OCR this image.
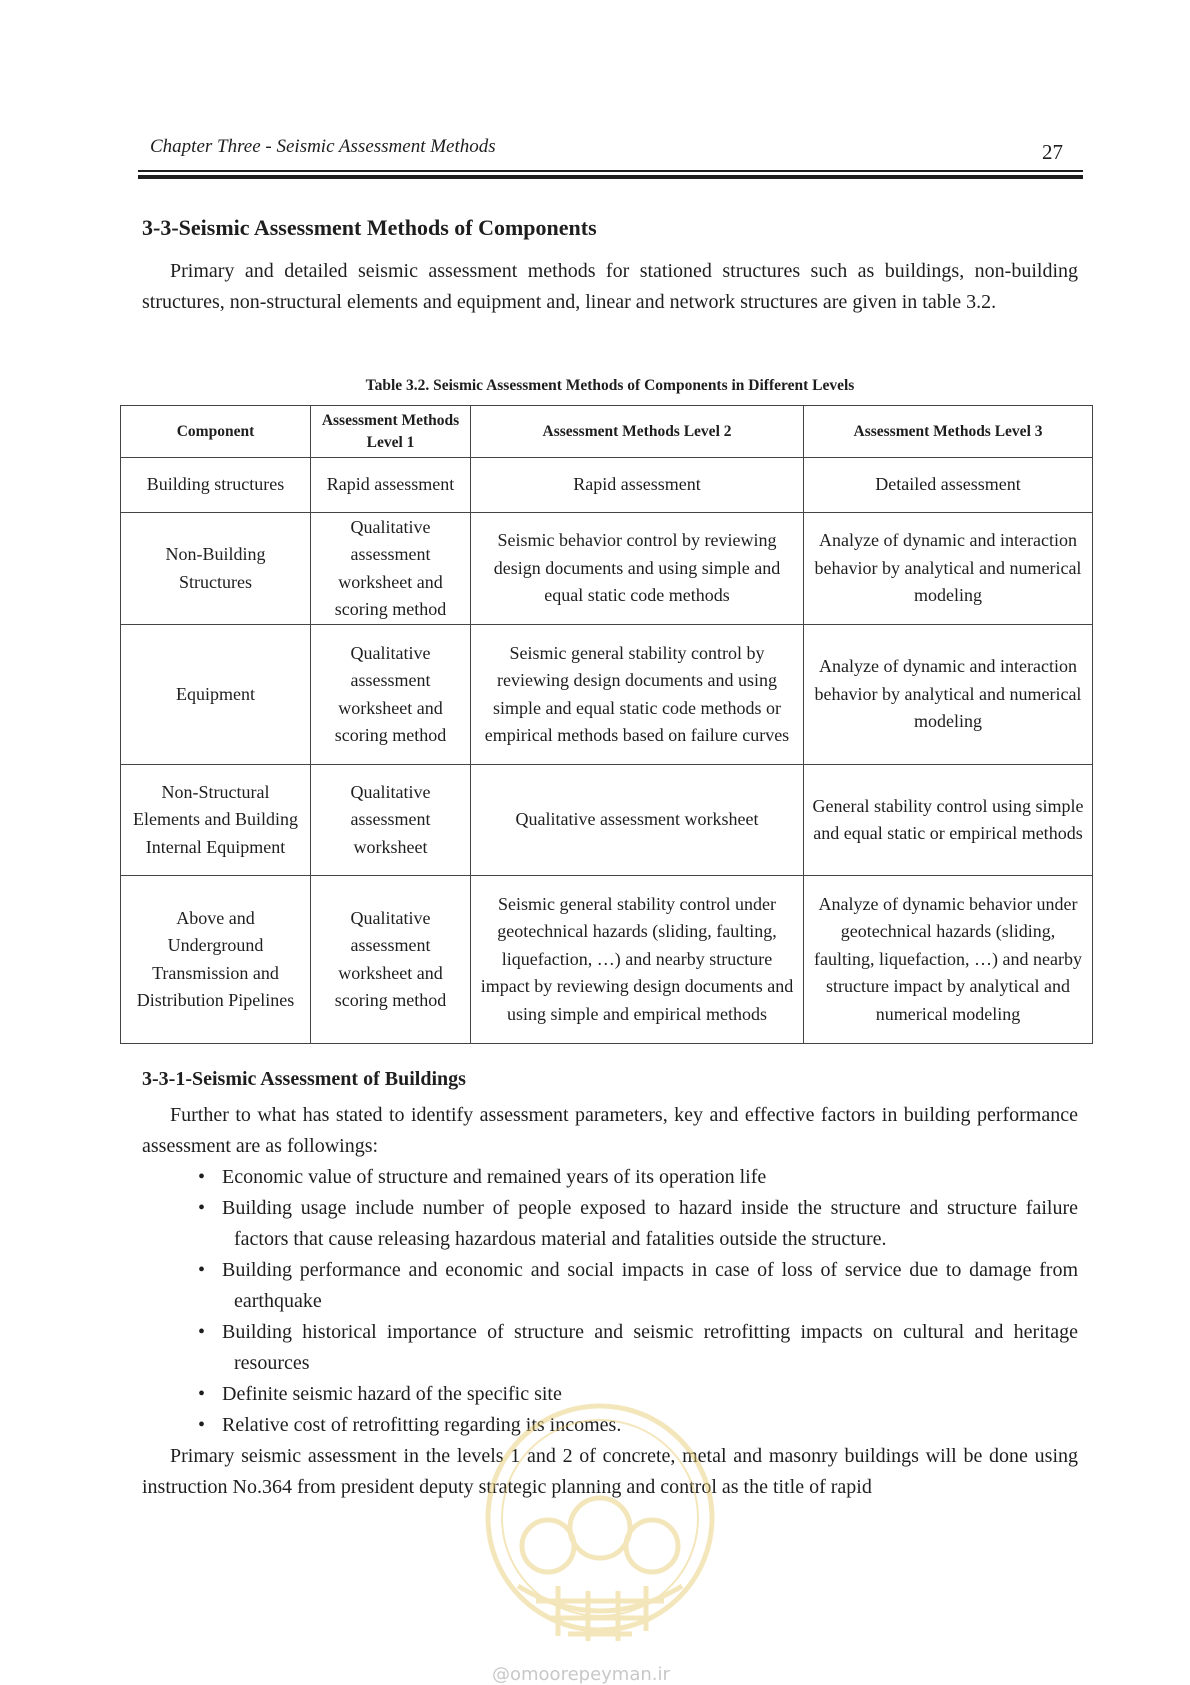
Chapter Three - Seismic Assessment Methods	27
3-3-Seismic Assessment Methods of Components

Primary and detailed seismic assessment methods for stationed structures such as buildings, non-building structures, non-structural elements and equipment and, linear and network structures are given in table 3.2.

Table 3.2. Seismic Assessment Methods of Components in Different Levels
Component	Assessment Methods Level 1	Assessment Methods Level 2	Assessment Methods Level 3
Building structures	Rapid assessment	Rapid assessment	Detailed assessment
Non-Building Structures	Qualitative assessment worksheet and scoring method	Seismic behavior control by reviewing design documents and using simple and equal static code methods	Analyze of dynamic and interaction behavior by analytical and numerical modeling
Equipment	Qualitative assessment worksheet and scoring method	Seismic general stability control by reviewing design documents and using simple and equal static code methods or empirical methods based on failure curves	Analyze of dynamic and interaction behavior by analytical and numerical modeling
Non-Structural Elements and Building Internal Equipment	Qualitative assessment worksheet	Qualitative assessment worksheet	General stability control using simple and equal static or empirical methods
Above and Underground Transmission and Distribution Pipelines	Qualitative assessment worksheet and scoring method	Seismic general stability control under geotechnical hazards (sliding, faulting, liquefaction, …) and nearby structure impact by reviewing design documents and using simple and empirical methods	Analyze of dynamic behavior under geotechnical hazards (sliding, faulting, liquefaction, …) and nearby structure impact by analytical and numerical modeling
3-3-1-Seismic Assessment of Buildings

Further to what has stated to identify assessment parameters, key and effective factors in building performance assessment are as followings:

• Economic value of structure and remained years of its operation life
• Building usage include number of people exposed to hazard inside the structure and structure failure factors that cause releasing hazardous material and fatalities outside the structure.
• Building performance and economic and social impacts in case of loss of service due to damage from earthquake
• Building historical importance of structure and seismic retrofitting impacts on cultural and heritage resources
• Definite seismic hazard of the specific site
• Relative cost of retrofitting regarding its incomes.

Primary seismic assessment in the levels 1 and 2 of concrete, metal and masonry buildings will be done using instruction No.364 from president deputy strategic planning and control as the title of rapid

@omoorepeyman.ir
